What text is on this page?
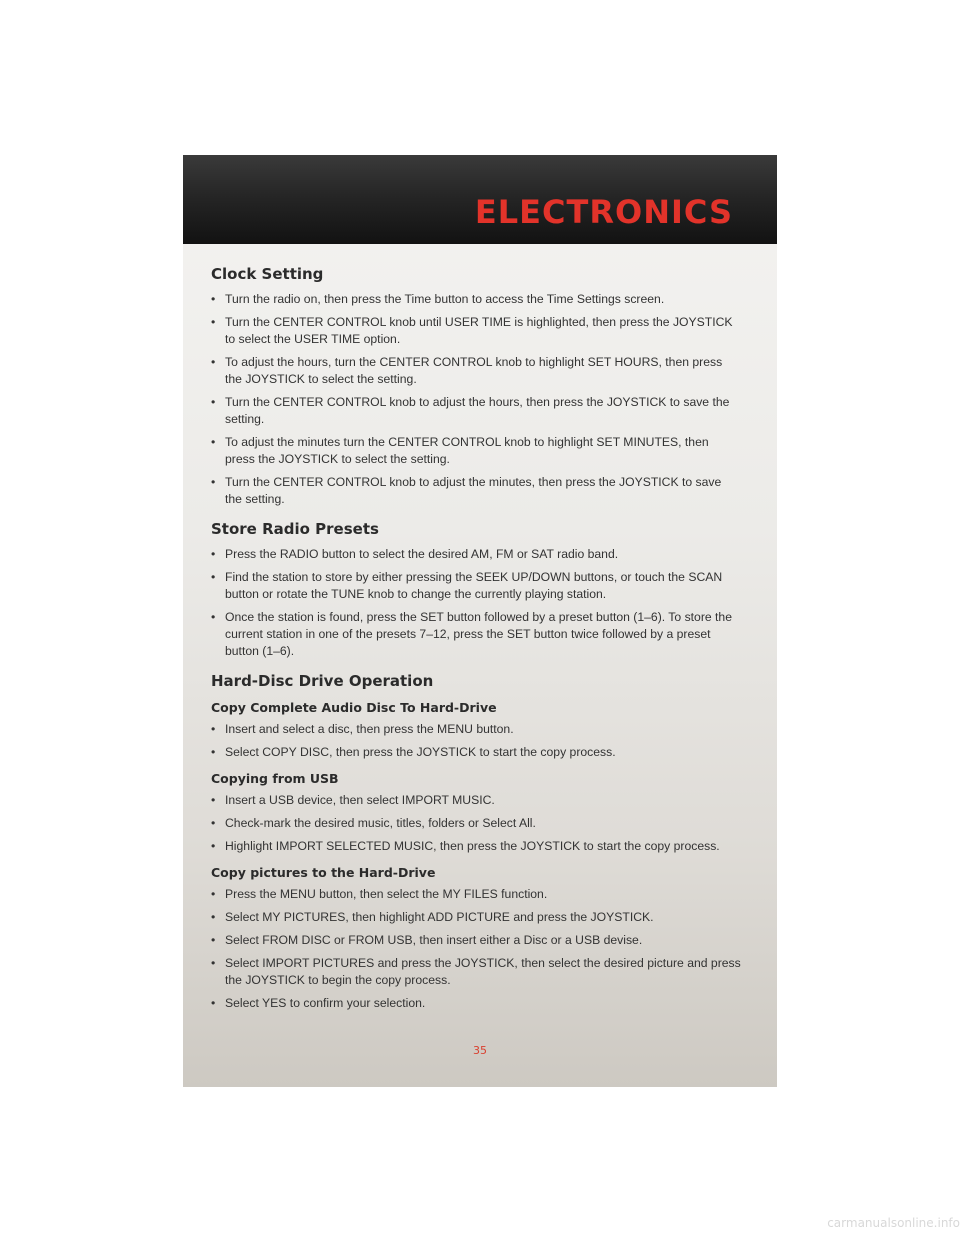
ELECTRONICS
Clock Setting
• Turn the radio on, then press the Time button to access the Time Settings screen.
• Turn the CENTER CONTROL knob until USER TIME is highlighted, then press the JOYSTICK to select the USER TIME option.
• To adjust the hours, turn the CENTER CONTROL knob to highlight SET HOURS, then press the JOYSTICK to select the setting.
• Turn the CENTER CONTROL knob to adjust the hours, then press the JOYSTICK to save the setting.
• To adjust the minutes turn the CENTER CONTROL knob to highlight SET MINUTES, then press the JOYSTICK to select the setting.
• Turn the CENTER CONTROL knob to adjust the minutes, then press the JOYSTICK to save the setting.
Store Radio Presets
• Press the RADIO button to select the desired AM, FM or SAT radio band.
• Find the station to store by either pressing the SEEK UP/DOWN buttons, or touch the SCAN button or rotate the TUNE knob to change the currently playing station.
• Once the station is found, press the SET button followed by a preset button (1–6). To store the current station in one of the presets 7–12, press the SET button twice followed by a preset button (1–6).
Hard-Disc Drive Operation
Copy Complete Audio Disc To Hard-Drive
• Insert and select a disc, then press the MENU button.
• Select COPY DISC, then press the JOYSTICK to start the copy process.
Copying from USB
• Insert a USB device, then select IMPORT MUSIC.
• Check-mark the desired music, titles, folders or Select All.
• Highlight IMPORT SELECTED MUSIC, then press the JOYSTICK to start the copy process.
Copy pictures to the Hard-Drive
• Press the MENU button, then select the MY FILES function.
• Select MY PICTURES, then highlight ADD PICTURE and press the JOYSTICK.
• Select FROM DISC or FROM USB, then insert either a Disc or a USB devise.
• Select IMPORT PICTURES and press the JOYSTICK, then select the desired picture and press the JOYSTICK to begin the copy process.
• Select YES to confirm your selection.
35
carmanualsonline.info
